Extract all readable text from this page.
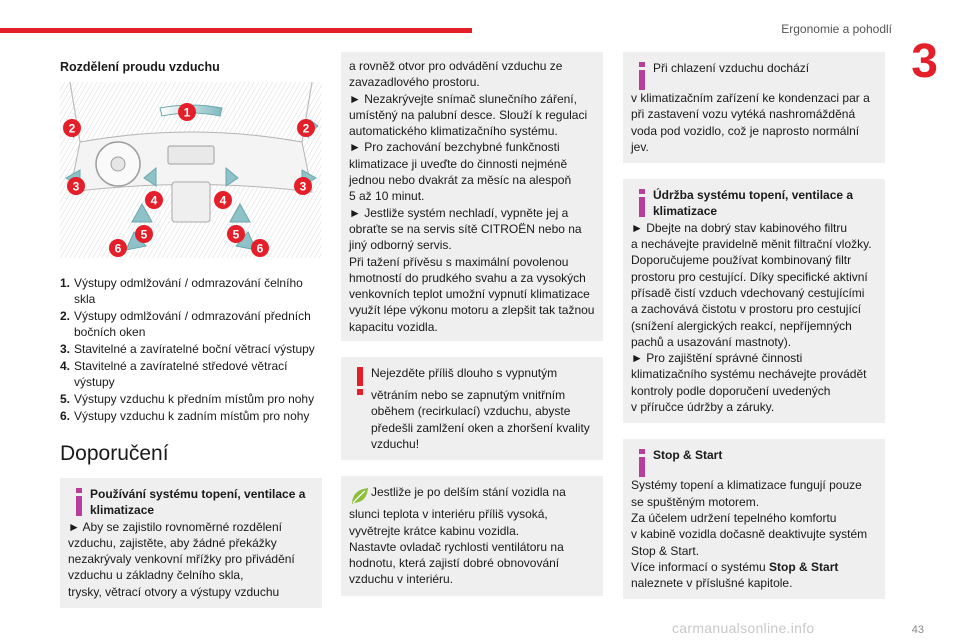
Ergonomie a pohodlí
3
Rozdělení proudu vzduchu
1
2	2
3	3
4	4
5	5
6	6
1. Výstupy odmlžování / odmrazování čelního skla
2. Výstupy odmlžování / odmrazování předních bočních oken
3. Stavitelné a zavíratelné boční větrací výstupy
4. Stavitelné a zavíratelné středové větrací výstupy
5. Výstupy vzduchu k předním místům pro nohy
6. Výstupy vzduchu k zadním místům pro nohy
Doporučení
Používání systému topení, ventilace a klimatizace
► Aby se zajistilo rovnoměrné rozdělení vzduchu, zajistěte, aby žádné překážky nezakrývaly venkovní mřížky pro přivádění vzduchu u základny čelního skla,
trysky, větrací otvory a výstupy vzduchu
a rovněž otvor pro odvádění vzduchu ze zavazadlového prostoru.
► Nezakrývejte snímač slunečního záření, umístěný na palubní desce. Slouží k regulaci automatického klimatizačního systému.
► Pro zachování bezchybné funkčnosti klimatizace ji uveďte do činnosti nejméně jednou nebo dvakrát za měsíc na alespoň
5 až 10 minut.
► Jestliže systém nechladí, vypněte jej a obraťte se na servis sítě CITROËN nebo na jiný odborný servis.
Při tažení přívěsu s maximální povolenou hmotností do prudkého svahu a za vysokých venkovních teplot umožní vypnutí klimatizace využít lépe výkonu motoru a zlepšit tak tažnou kapacitu vozidla.
Nejezděte příliš dlouho s vypnutým
větráním nebo se zapnutým vnitřním oběhem (recirkulací) vzduchu, abyste předešli zamlžení oken a zhoršení kvality vzduchu!
Jestliže je po delším stání vozidla na
slunci teplota v interiéru příliš vysoká, vyvětrejte krátce kabinu vozidla.
Nastavte ovladač rychlosti ventilátoru na hodnotu, která zajistí dobré obnovování vzduchu v interiéru.
Při chlazení vzduchu dochází
v klimatizačním zařízení ke kondenzaci par a při zastavení vozu vytéká nashromážděná voda pod vozidlo, což je naprosto normální jev.
Údržba systému topení, ventilace a klimatizace
► Dbejte na dobrý stav kabinového filtru
a nechávejte pravidelně měnit filtrační vložky.
Doporučujeme používat kombinovaný filtr prostoru pro cestující. Díky specifické aktivní přísadě čistí vzduch vdechovaný cestujícími
a zachovává čistotu v prostoru pro cestující (snížení alergických reakcí, nepříjemných pachů a usazování mastnoty).
► Pro zajištění správné činnosti klimatizačního systému nechávejte provádět kontroly podle doporučení uvedených
v příručce údržby a záruky.
Stop & Start
Systémy topení a klimatizace fungují pouze se spuštěným motorem.
Za účelem udržení tepelného komfortu
v kabině vozidla dočasně deaktivujte systém Stop & Start.
Více informací o systému Stop & Start naleznete v příslušné kapitole.
43
carmanualsonline.info
